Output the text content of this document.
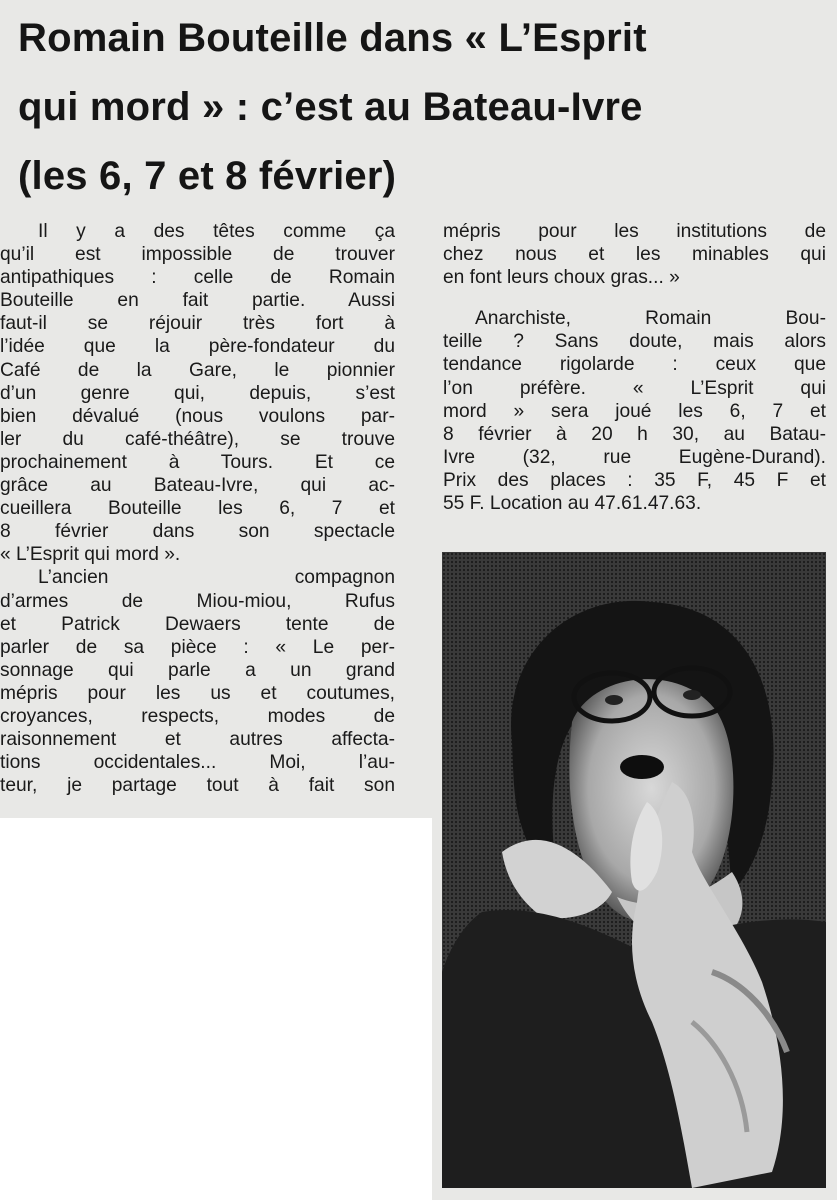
Romain Bouteille dans « L’Esprit
qui mord » : c’est au Bateau-Ivre
(les 6, 7 et 8 février)
Il y a des têtes comme ça
qu’il est impossible de trouver
antipathiques : celle de Romain
Bouteille en fait partie. Aussi
faut-il se réjouir très fort à
l’idée que la père-fondateur du
Café de la Gare, le pionnier
d’un genre qui, depuis, s’est
bien dévalué (nous voulons par-
ler du café-théâtre), se trouve
prochainement à Tours. Et ce
grâce au Bateau-Ivre, qui ac-
cueillera Bouteille les 6, 7 et
8 février dans son spectacle
« L’Esprit qui mord ».
L’ancien compagnon
d’armes de Miou-miou, Rufus
et Patrick Dewaers tente de
parler de sa pièce : « Le per-
sonnage qui parle a un grand
mépris pour les us et coutumes,
croyances, respects, modes de
raisonnement et autres affecta-
tions occidentales... Moi, l’au-
teur, je partage tout à fait son
mépris pour les institutions de
chez nous et les minables qui
en font leurs choux gras... »
Anarchiste, Romain Bou-
teille ? Sans doute, mais alors
tendance rigolarde : ceux que
l’on préfère. « L’Esprit qui
mord » sera joué les 6, 7 et
8 février à 20 h 30, au Batau-
Ivre (32, rue Eugène-Durand).
Prix des places : 35 F, 45 F et
55 F. Location au 47.61.47.63.
